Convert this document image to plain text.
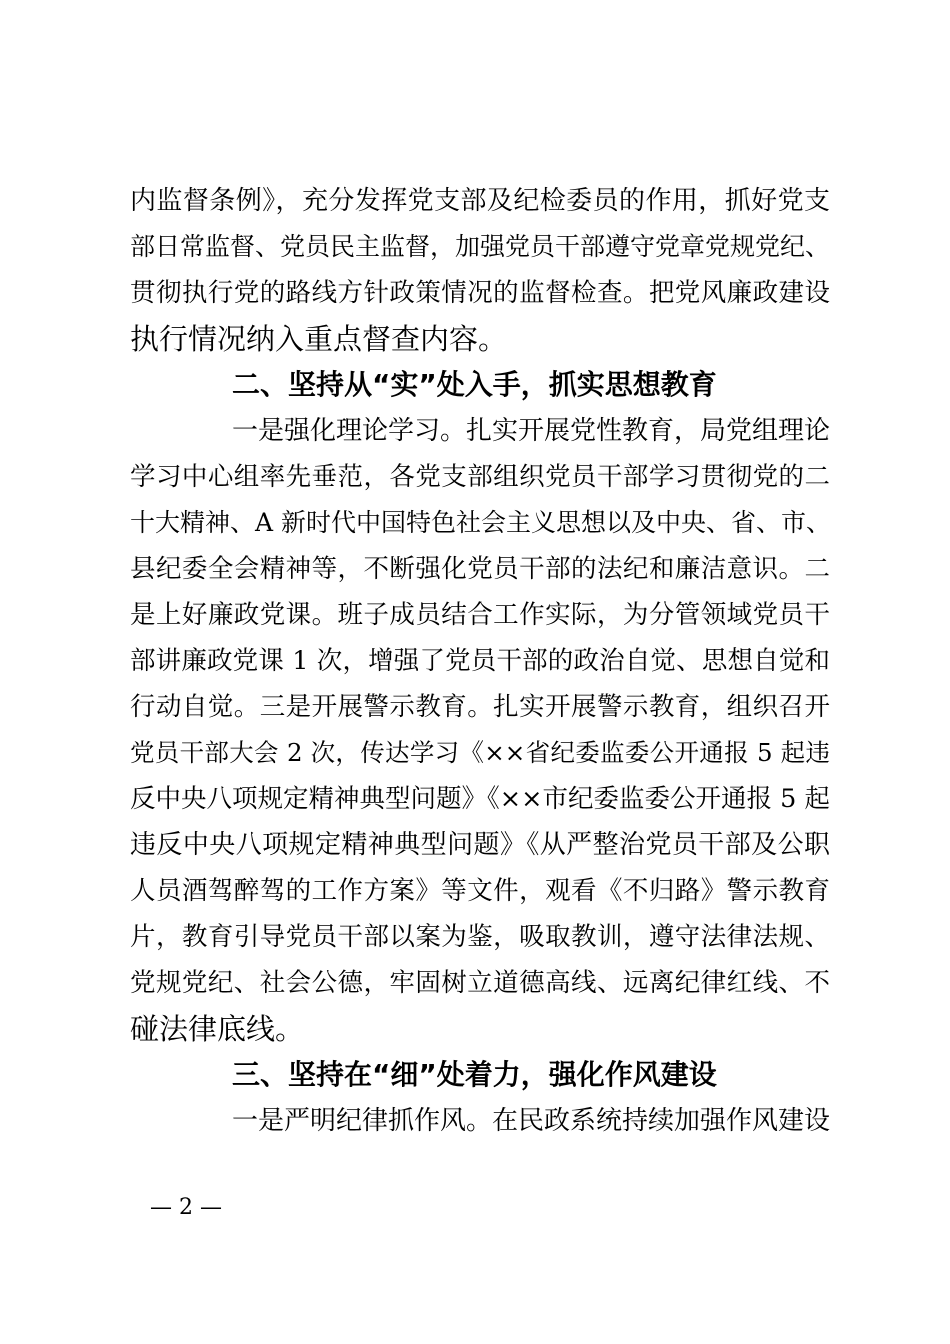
内监督条例》，充分发挥党支部及纪检委员的作用，抓好党支
部日常监督、党员民主监督，加强党员干部遵守党章党规党纪、
贯彻执行党的路线方针政策情况的监督检查。把党风廉政建设
执行情况纳入重点督查内容。
二、坚持从“实”处入手，抓实思想教育
一是强化理论学习。扎实开展党性教育，局党组理论
学习中心组率先垂范，各党支部组织党员干部学习贯彻党的二
十大精神、A 新时代中国特色社会主义思想以及中央、省、市、
县纪委全会精神等，不断强化党员干部的法纪和廉洁意识。二
是上好廉政党课。班子成员结合工作实际，为分管领域党员干
部讲廉政党课 1 次，增强了党员干部的政治自觉、思想自觉和
行动自觉。三是开展警示教育。扎实开展警示教育，组织召开
党员干部大会 2 次，传达学习《××省纪委监委公开通报 5 起违
反中央八项规定精神典型问题》《××市纪委监委公开通报 5 起
违反中央八项规定精神典型问题》《从严整治党员干部及公职
人员酒驾醉驾的工作方案》等文件，观看《不归路》警示教育
片，教育引导党员干部以案为鉴，吸取教训，遵守法律法规、
党规党纪、社会公德，牢固树立道德高线、远离纪律红线、不
碰法律底线。
三、坚持在“细”处着力，强化作风建设
一是严明纪律抓作风。在民政系统持续加强作风建设
— 2 —
